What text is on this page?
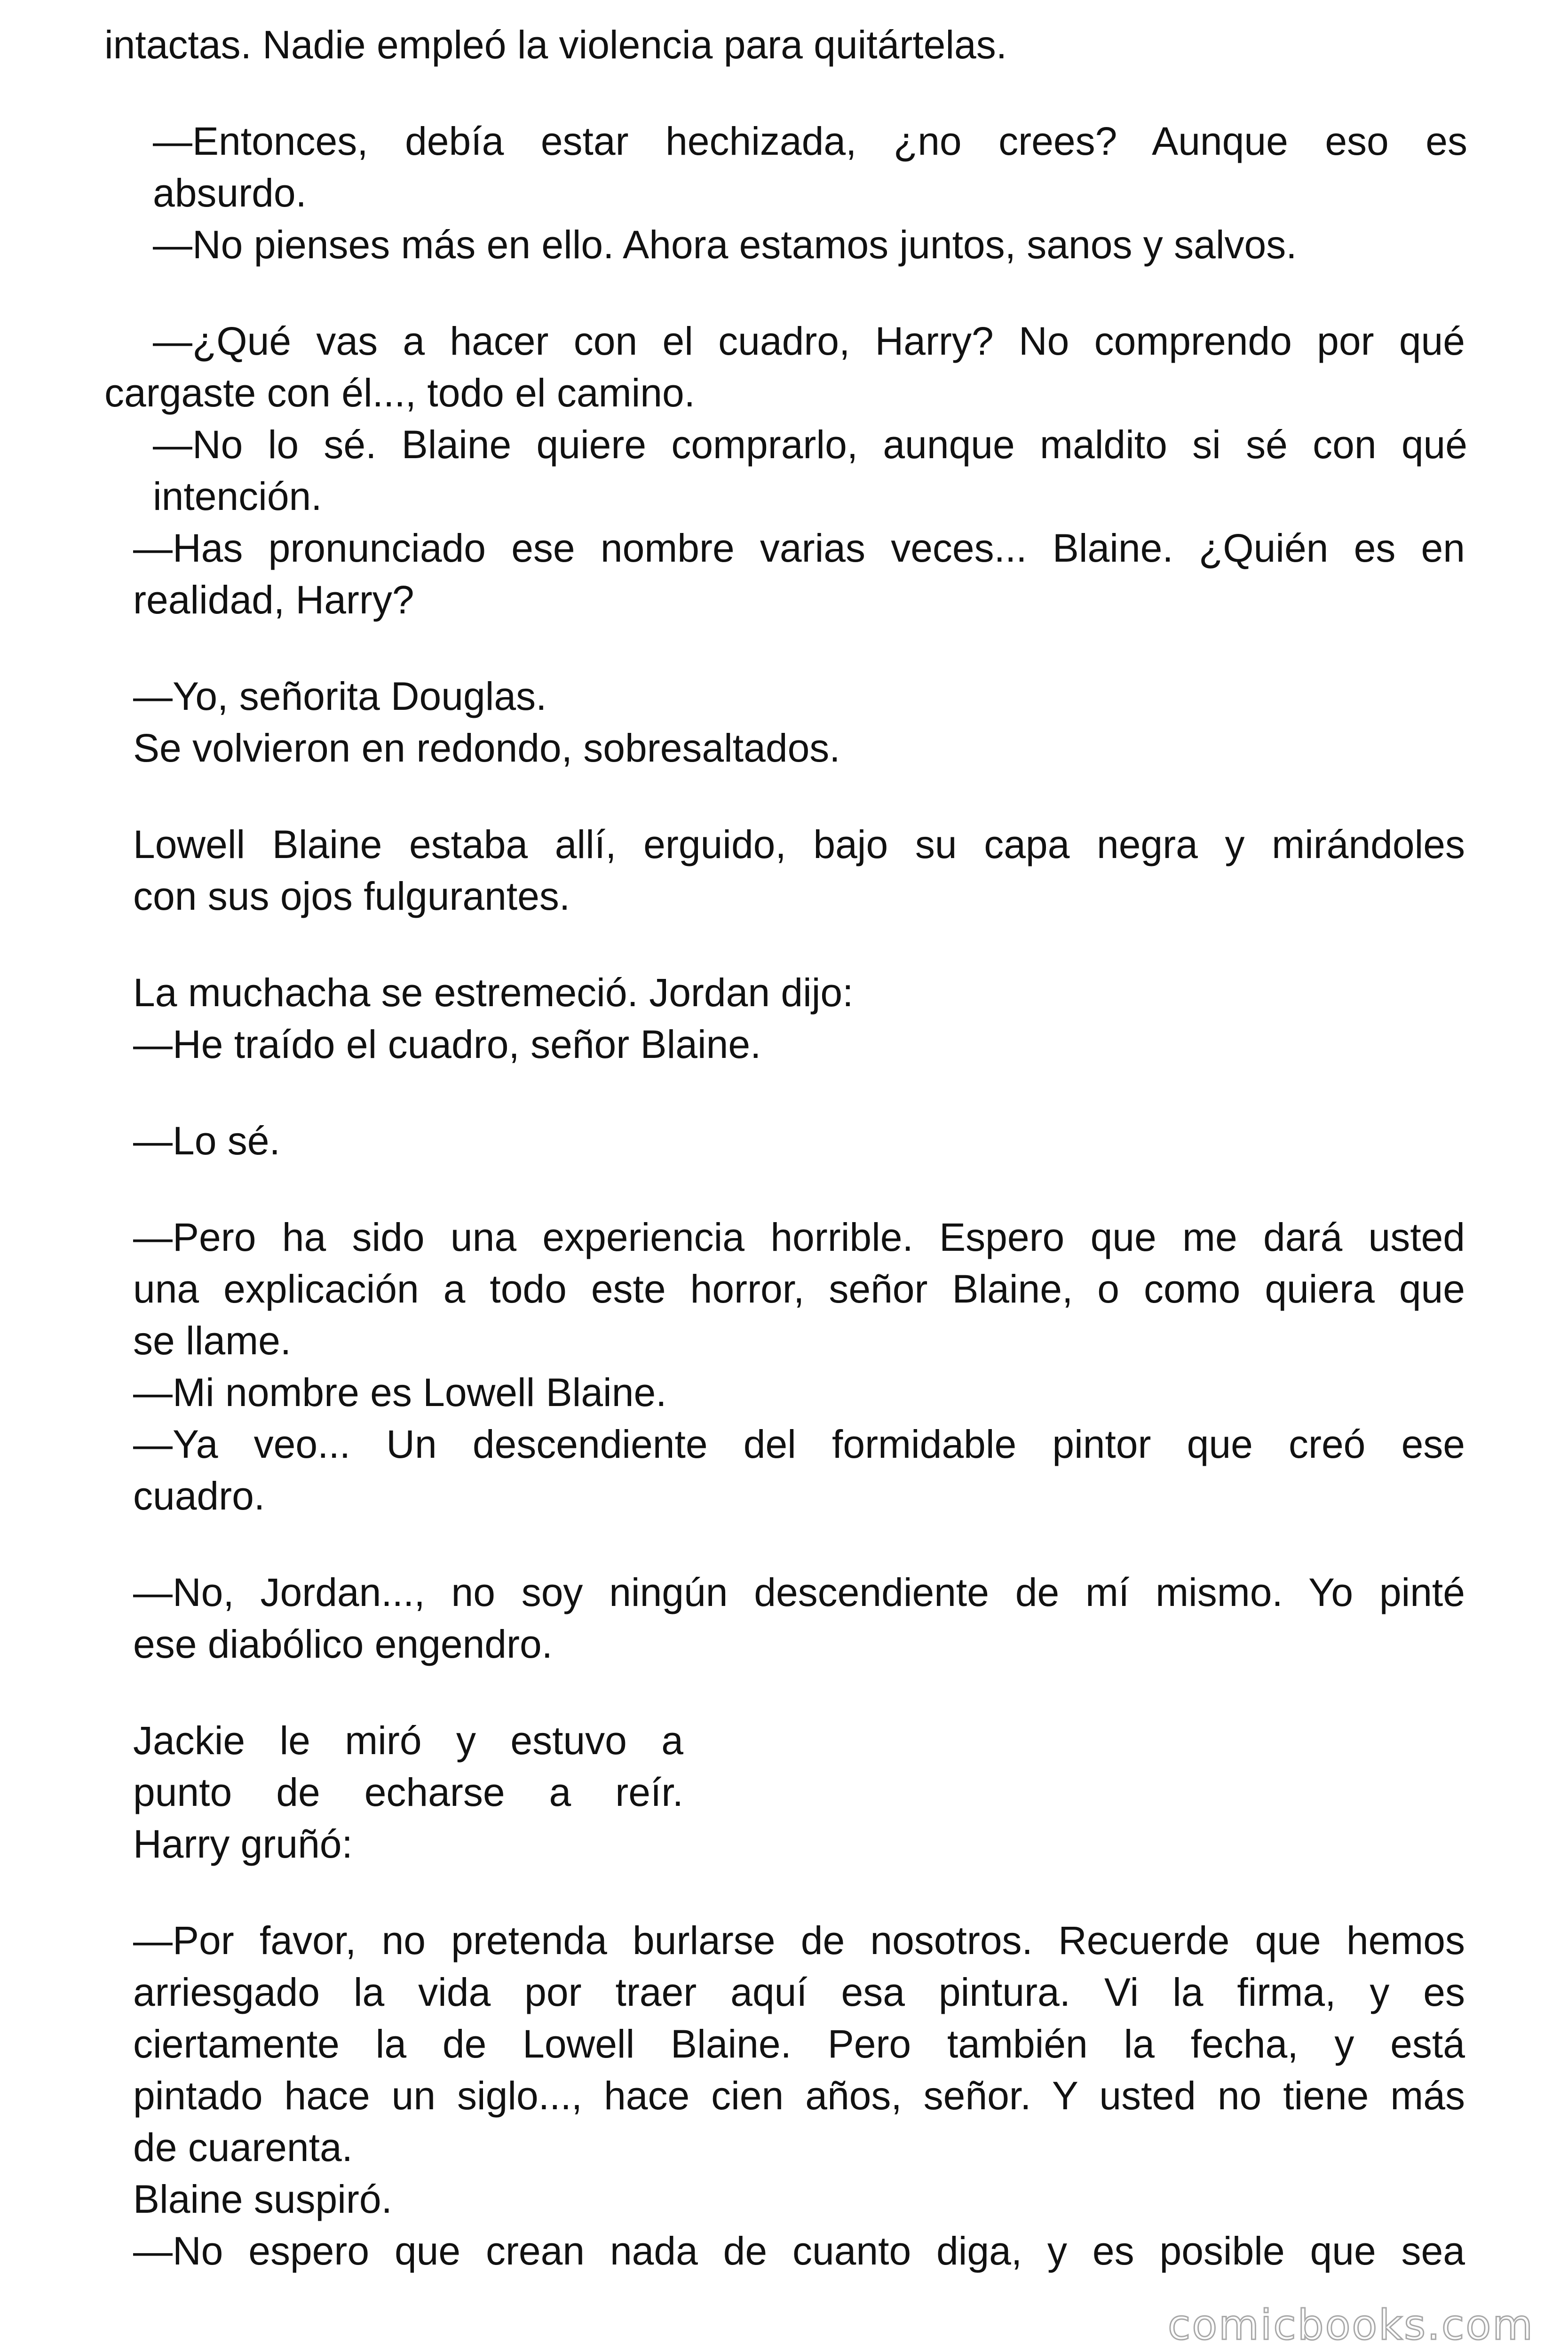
intactas. Nadie empleó la violencia para quitártelas.

—Entonces, debía estar hechizada, ¿no crees? Aunque eso es

absurdo.

—No pienses más en ello. Ahora estamos juntos, sanos y salvos.

—¿Qué vas a hacer con el cuadro, Harry? No comprendo por qué

cargaste con él..., todo el camino.

—No lo sé. Blaine quiere comprarlo, aunque maldito si sé con qué

intención.

—Has pronunciado ese nombre varias veces... Blaine. ¿Quién es en

realidad, Harry?

—Yo, señorita Douglas.

Se volvieron en redondo, sobresaltados.

Lowell Blaine estaba allí, erguido, bajo su capa negra y mirándoles

con sus ojos fulgurantes.

La muchacha se estremeció. Jordan dijo:

—He traído el cuadro, señor Blaine.

—Lo sé.

—Pero ha sido una experiencia horrible. Espero que me dará usted

una explicación a todo este horror, señor Blaine, o como quiera que

se llame.

—Mi nombre es Lowell Blaine.

—Ya veo... Un descendiente del formidable pintor que creó ese

cuadro.

—No, Jordan..., no soy ningún descendiente de mí mismo. Yo pinté

ese diabólico engendro.

Jackie le miró y estuvo a

punto de echarse a reír.

Harry gruñó:

—Por favor, no pretenda burlarse de nosotros. Recuerde que hemos

arriesgado la vida por traer aquí esa pintura. Vi la firma, y es

ciertamente la de Lowell Blaine. Pero también la fecha, y está

pintado hace un siglo..., hace cien años, señor. Y usted no tiene más

de cuarenta.

Blaine suspiró.

—No espero que crean nada de cuanto diga, y es posible que sea

comicbooks.com
